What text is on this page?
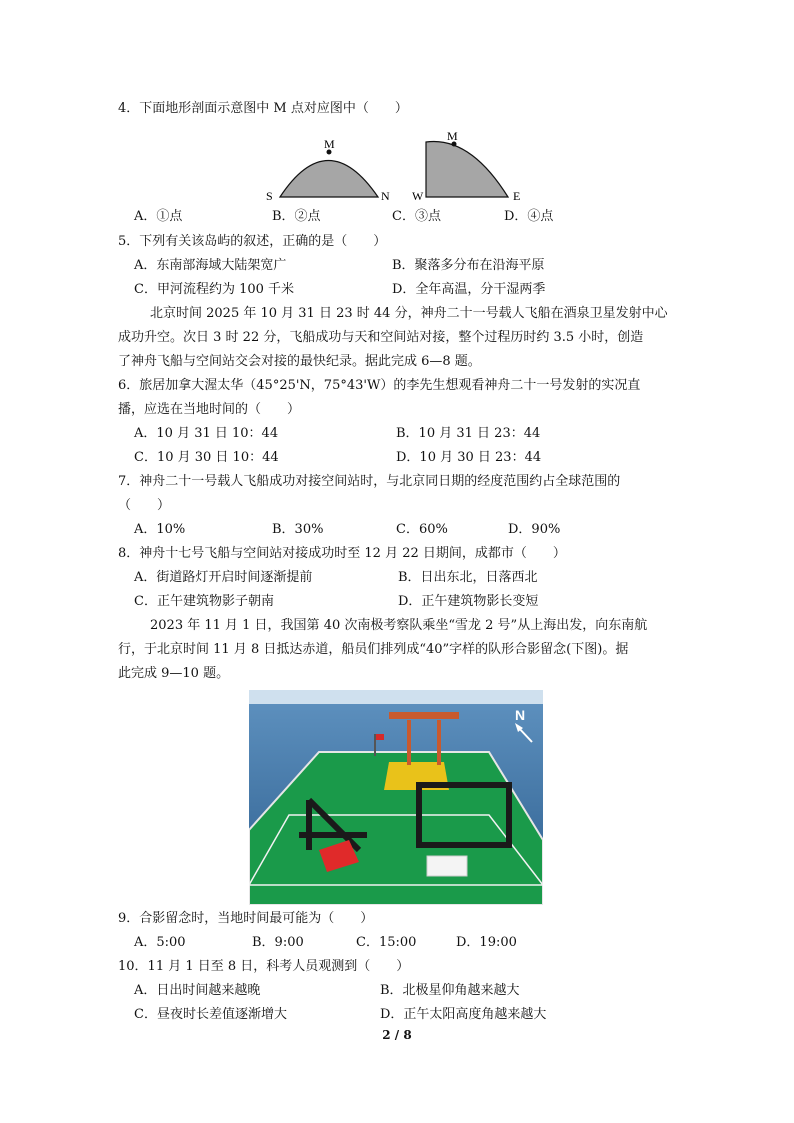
4．下面地形剖面示意图中 M 点对应图中（　　）
M
S	N
M
W	E
A．①点	B．②点	C．③点	D．④点
5．下列有关该岛屿的叙述，正确的是（　　）
A．东南部海域大陆架宽广	B．聚落多分布在沿海平原
C．甲河流程约为 100 千米	D．全年高温，分干湿两季
北京时间 2025 年 10 月 31 日 23 时 44 分，神舟二十一号载人飞船在酒泉卫星发射中心
成功升空。次日 3 时 22 分，飞船成功与天和空间站对接，整个过程历时约 3.5 小时，创造
了神舟飞船与空间站交会对接的最快纪录。据此完成 6—8 题。
6．旅居加拿大渥太华（45°25'N，75°43'W）的李先生想观看神舟二十一号发射的实况直
播，应选在当地时间的（　　）
A．10 月 31 日 10：44	B．10 月 31 日 23：44
C．10 月 30 日 10：44	D．10 月 30 日 23：44
7．神舟二十一号载人飞船成功对接空间站时，与北京同日期的经度范围约占全球范围的
（　　）
A．10%	B．30%	C．60%	D．90%
8．神舟十七号飞船与空间站对接成功时至 12 月 22 日期间，成都市（　　）
A．街道路灯开启时间逐渐提前	B．日出东北，日落西北
C．正午建筑物影子朝南	D．正午建筑物影长变短
2023 年 11 月 1 日，我国第 40 次南极考察队乘坐“雪龙 2 号”从上海出发，向东南航
行，于北京时间 11 月 8 日抵达赤道，船员们排列成“40”字样的队形合影留念(下图)。据
此完成 9—10 题。
N
9．合影留念时，当地时间最可能为（　　）
A．5:00	B．9:00	C．15:00	D．19:00
10．11 月 1 日至 8 日，科考人员观测到（　　）
A．日出时间越来越晚	B．北极星仰角越来越大
C．昼夜时长差值逐渐增大	D．正午太阳高度角越来越大
2 / 8
